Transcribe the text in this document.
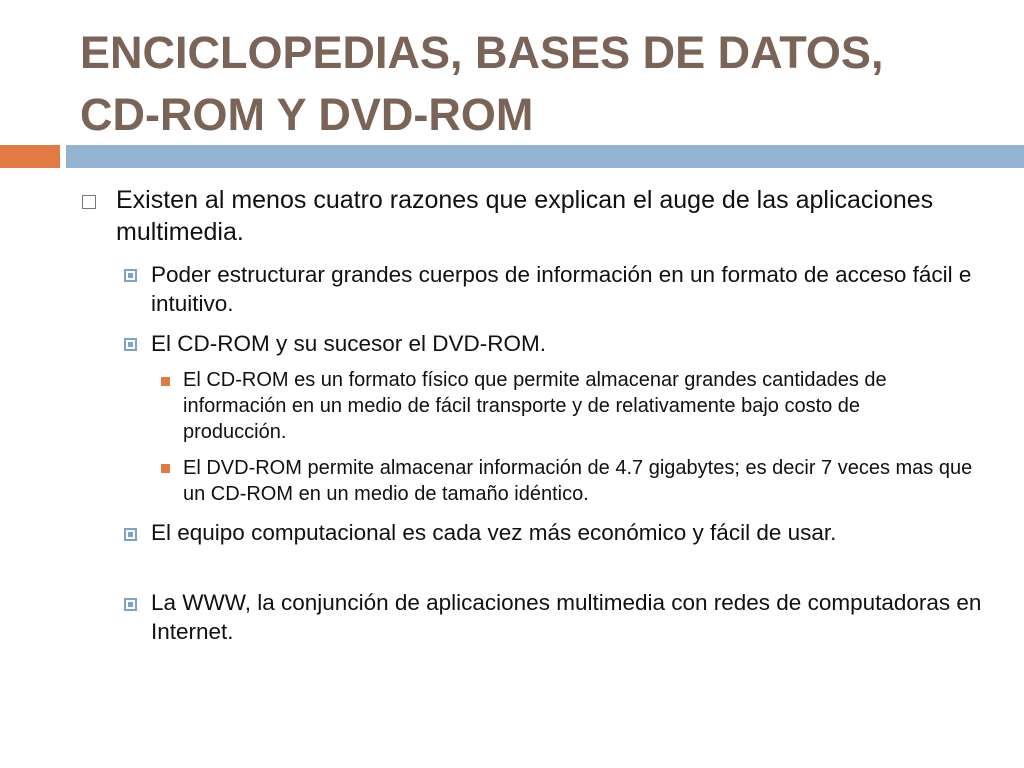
ENCICLOPEDIAS, BASES DE DATOS,
CD-ROM Y DVD-ROM
Existen al menos cuatro razones que explican el auge de las aplicaciones multimedia.
Poder estructurar grandes cuerpos de información en un formato de acceso fácil e intuitivo.
El CD-ROM y su sucesor el DVD-ROM.
El CD-ROM es un formato físico que permite almacenar grandes cantidades de información en un medio de fácil transporte y de relativamente bajo costo de producción.
El DVD-ROM permite almacenar información de 4.7 gigabytes; es decir 7 veces mas que un CD-ROM en un medio de tamaño idéntico.
El equipo computacional es cada vez más económico y fácil de usar.
La WWW, la conjunción de aplicaciones multimedia con redes de computadoras en Internet.
